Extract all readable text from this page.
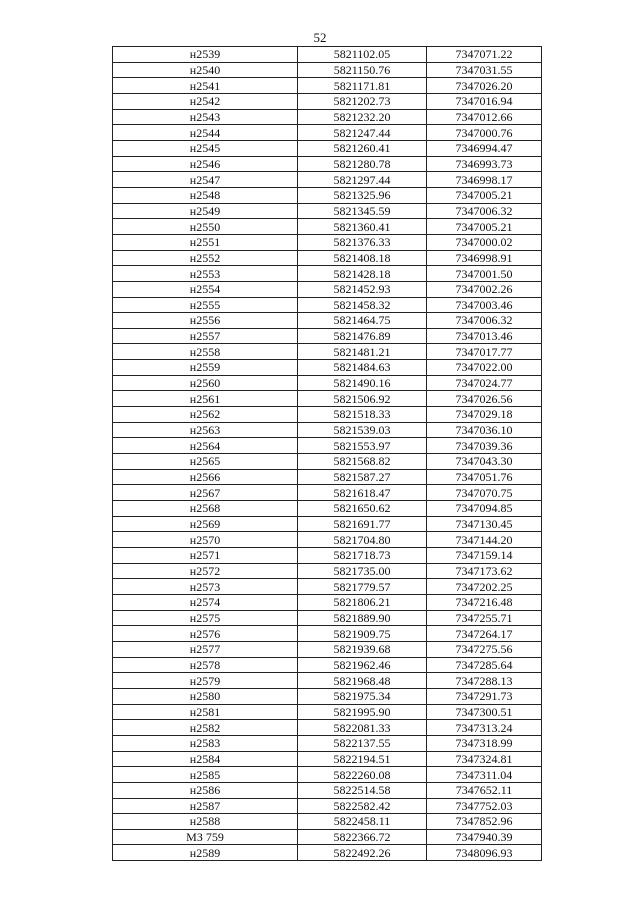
52
н2539	5821102.05	7347071.22
н2540	5821150.76	7347031.55
н2541	5821171.81	7347026.20
н2542	5821202.73	7347016.94
н2543	5821232.20	7347012.66
н2544	5821247.44	7347000.76
н2545	5821260.41	7346994.47
н2546	5821280.78	7346993.73
н2547	5821297.44	7346998.17
н2548	5821325.96	7347005.21
н2549	5821345.59	7347006.32
н2550	5821360.41	7347005.21
н2551	5821376.33	7347000.02
н2552	5821408.18	7346998.91
н2553	5821428.18	7347001.50
н2554	5821452.93	7347002.26
н2555	5821458.32	7347003.46
н2556	5821464.75	7347006.32
н2557	5821476.89	7347013.46
н2558	5821481.21	7347017.77
н2559	5821484.63	7347022.00
н2560	5821490.16	7347024.77
н2561	5821506.92	7347026.56
н2562	5821518.33	7347029.18
н2563	5821539.03	7347036.10
н2564	5821553.97	7347039.36
н2565	5821568.82	7347043.30
н2566	5821587.27	7347051.76
н2567	5821618.47	7347070.75
н2568	5821650.62	7347094.85
н2569	5821691.77	7347130.45
н2570	5821704.80	7347144.20
н2571	5821718.73	7347159.14
н2572	5821735.00	7347173.62
н2573	5821779.57	7347202.25
н2574	5821806.21	7347216.48
н2575	5821889.90	7347255.71
н2576	5821909.75	7347264.17
н2577	5821939.68	7347275.56
н2578	5821962.46	7347285.64
н2579	5821968.48	7347288.13
н2580	5821975.34	7347291.73
н2581	5821995.90	7347300.51
н2582	5822081.33	7347313.24
н2583	5822137.55	7347318.99
н2584	5822194.51	7347324.81
н2585	5822260.08	7347311.04
н2586	5822514.58	7347652.11
н2587	5822582.42	7347752.03
н2588	5822458.11	7347852.96
МЗ 759	5822366.72	7347940.39
н2589	5822492.26	7348096.93
